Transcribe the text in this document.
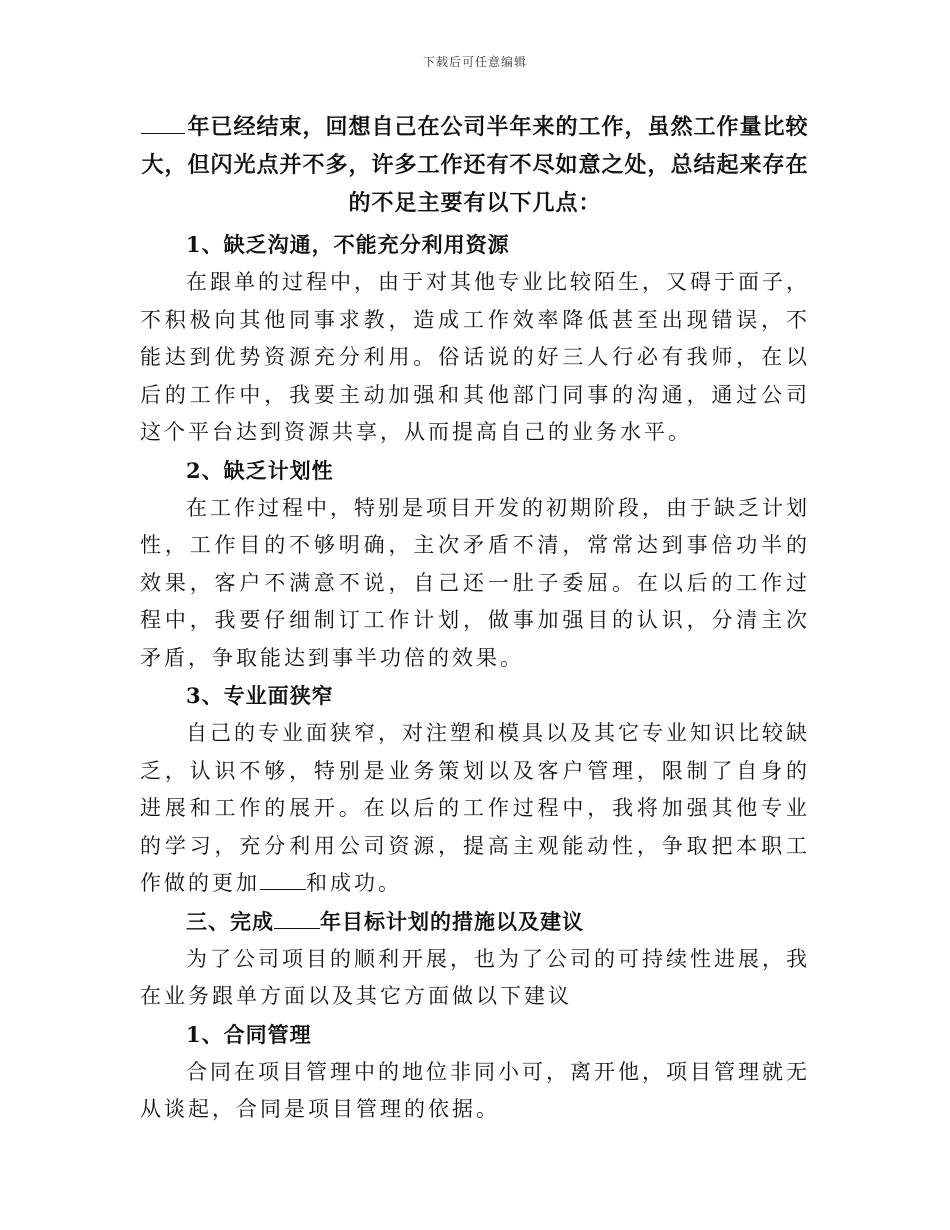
下载后可任意编辑

年已经结束，回想自己在公司半年来的工作，虽然工作量比较大，但闪光点并不多，许多工作还有不尽如意之处，总结起来存在的不足主要有以下几点：

1、缺乏沟通，不能充分利用资源

在跟单的过程中，由于对其他专业比较陌生，又碍于面子，不积极向其他同事求教，造成工作效率降低甚至出现错误，不能达到优势资源充分利用。俗话说的好三人行必有我师，在以后的工作中，我要主动加强和其他部门同事的沟通，通过公司这个平台达到资源共享，从而提高自己的业务水平。

2、缺乏计划性

在工作过程中，特别是项目开发的初期阶段，由于缺乏计划性，工作目的不够明确，主次矛盾不清，常常达到事倍功半的效果，客户不满意不说，自己还一肚子委屈。在以后的工作过程中，我要仔细制订工作计划，做事加强目的认识，分清主次矛盾，争取能达到事半功倍的效果。

3、专业面狭窄

自己的专业面狭窄，对注塑和模具以及其它专业知识比较缺乏，认识不够，特别是业务策划以及客户管理，限制了自身的进展和工作的展开。在以后的工作过程中，我将加强其他专业的学习，充分利用公司资源，提高主观能动性，争取把本职工作做的更加 和成功。

三、完成 年目标计划的措施以及建议

为了公司项目的顺利开展，也为了公司的可持续性进展，我在业务跟单方面以及其它方面做以下建议

1、合同管理

合同在项目管理中的地位非同小可，离开他，项目管理就无从谈起，合同是项目管理的依据。
